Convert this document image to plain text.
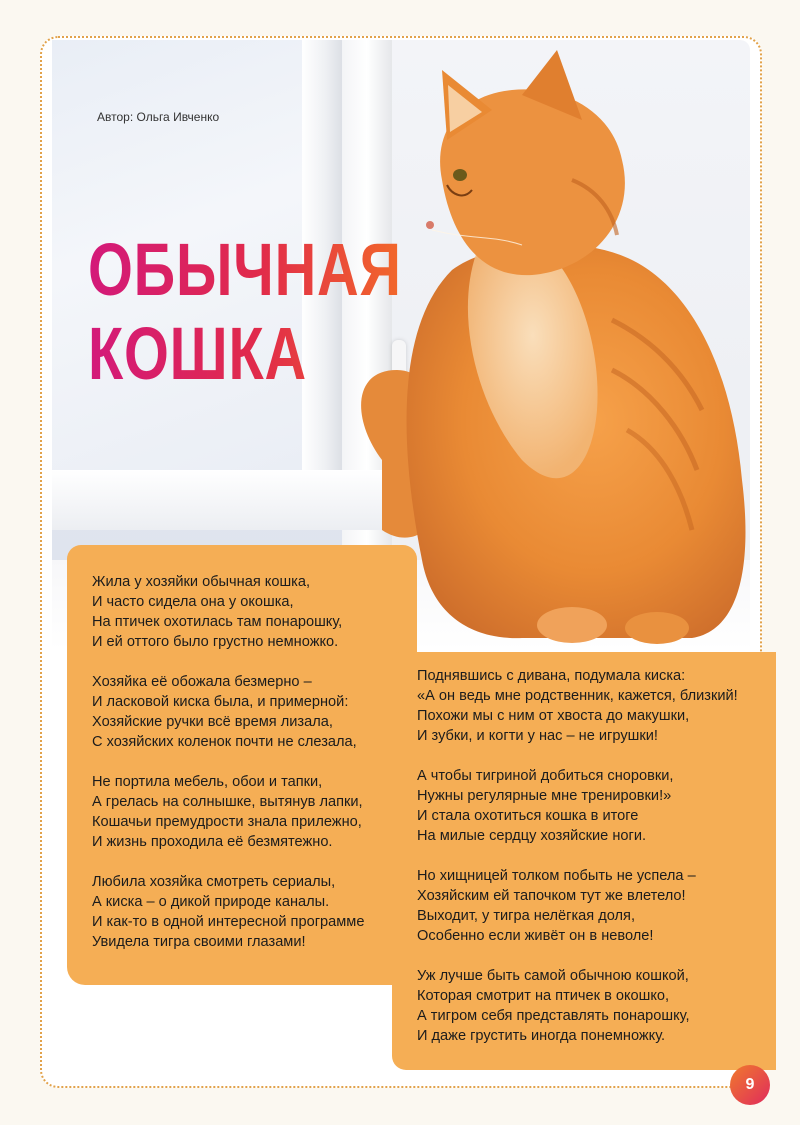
Автор: Ольга Ивченко
ОБЫЧНАЯ
КОШКА
Жила у хозяйки обычная кошка,
И часто сидела она у окошка,
На птичек охотилась там понарошку,
И ей оттого было грустно немножко.
Хозяйка её обожала безмерно –
И ласковой киска была, и примерной:
Хозяйские ручки всё время лизала,
С хозяйских коленок почти не слезала,
Не портила мебель, обои и тапки,
А грелась на солнышке, вытянув лапки,
Кошачьи премудрости знала прилежно,
И жизнь проходила её безмятежно.
Любила хозяйка смотреть сериалы,
А киска – о дикой природе каналы.
И как-то в одной интересной программе
Увидела тигра своими глазами!
Поднявшись с дивана, подумала киска:
«А он ведь мне родственник, кажется, близкий!
Похожи мы с ним от хвоста до макушки,
И зубки, и когти у нас – не игрушки!
А чтобы тигриной добиться сноровки,
Нужны регулярные мне тренировки!»
И стала охотиться кошка в итоге
На милые сердцу хозяйские ноги.
Но хищницей толком побыть не успела –
Хозяйским ей тапочком тут же влетело!
Выходит, у тигра нелёгкая доля,
Особенно если живёт он в неволе!
Уж лучше быть самой обычною кошкой,
Которая смотрит на птичек в окошко,
А тигром себя представлять понарошку,
И даже грустить иногда понемножку.
9
